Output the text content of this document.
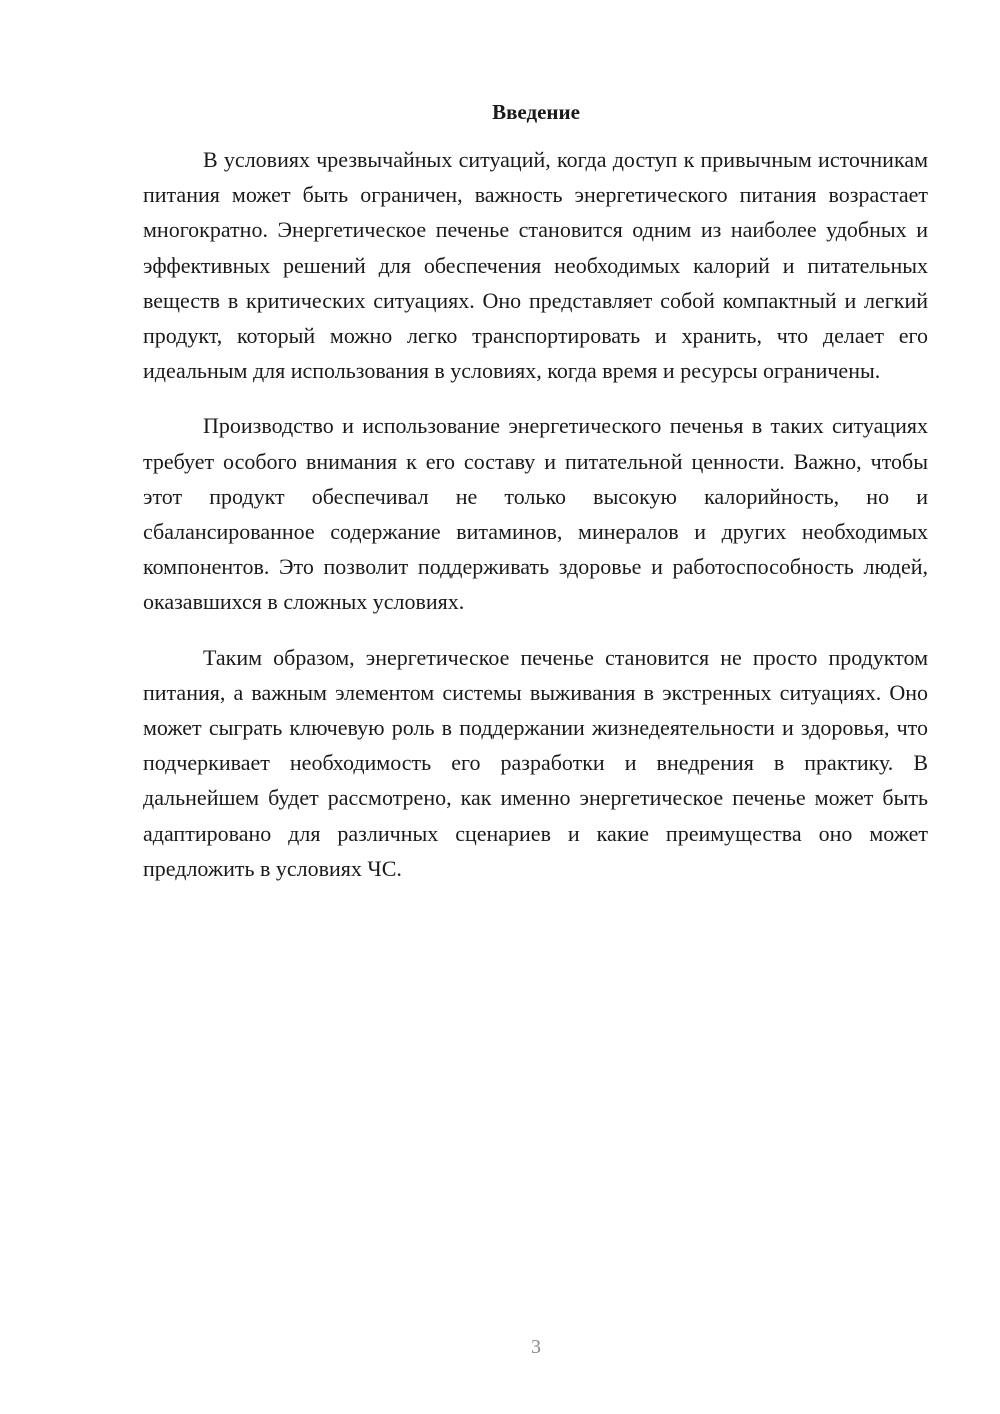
Введение

В условиях чрезвычайных ситуаций, когда доступ к привычным источникам питания может быть ограничен, важность энергетического питания возрастает многократно. Энергетическое печенье становится одним из наиболее удобных и эффективных решений для обеспечения необходимых калорий и питательных веществ в критических ситуациях. Оно представляет собой компактный и легкий продукт, который можно легко транспортировать и хранить, что делает его идеальным для использования в условиях, когда время и ресурсы ограничены.

Производство и использование энергетического печенья в таких ситуациях требует особого внимания к его составу и питательной ценности. Важно, чтобы этот продукт обеспечивал не только высокую калорийность, но и сбалансированное содержание витаминов, минералов и других необходимых компонентов. Это позволит поддерживать здоровье и работоспособность людей, оказавшихся в сложных условиях.

Таким образом, энергетическое печенье становится не просто продуктом питания, а важным элементом системы выживания в экстренных ситуациях. Оно может сыграть ключевую роль в поддержании жизнедеятельности и здоровья, что подчеркивает необходимость его разработки и внедрения в практику. В дальнейшем будет рассмотрено, как именно энергетическое печенье может быть адаптировано для различных сценариев и какие преимущества оно может предложить в условиях ЧС.

3
